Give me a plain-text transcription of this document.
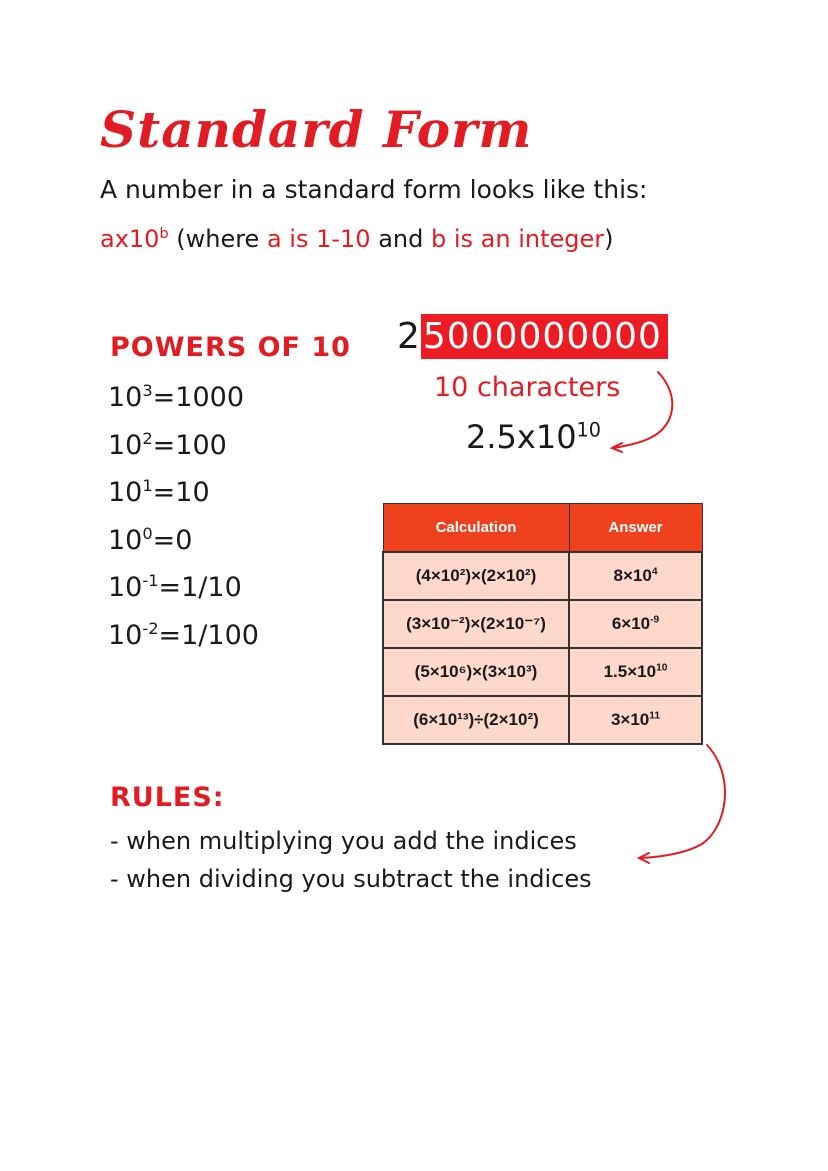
Standard Form
A number in a standard form looks like this:
ax10$^b$ (where a is 1-10 and b is an integer)
POWERS OF 10
$10^3=1000$
$10^2=100$
$10^1=10$
$10^0=0$
$10^{-1}=1/10$
$10^{-2}=1/100$
2 5000000000
10 characters
$2.5x10^{10}$
Calculation	Answer
(4×10²)×(2×10²)	$8\times 10^4$
(3×10⁻²)×(2×10⁻⁷)	$6\times 10^{-9}$
(5×10⁶)×(3×10³)	$1.5\times 10^{10}$
(6×10¹³)÷(2×10²)	$3\times 10^{11}$
RULES:
- when multiplying you add the indices
- when dividing you subtract the indices
